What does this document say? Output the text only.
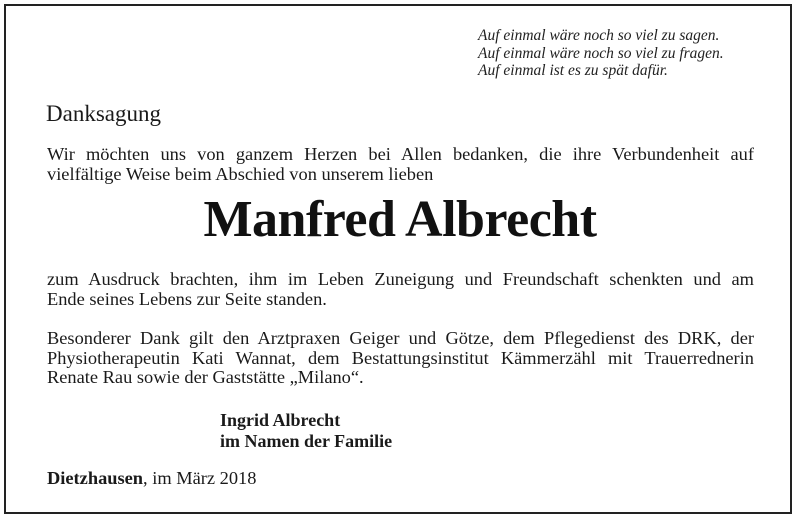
Auf einmal wäre noch so viel zu sagen.
Auf einmal wäre noch so viel zu fragen.
Auf einmal ist es zu spät dafür.
Danksagung

Wir möchten uns von ganzem Herzen bei Allen bedanken, die ihre Verbundenheit auf
vielfältige Weise beim Abschied von unserem lieben

Manfred Albrecht

zum Ausdruck brachten, ihm im Leben Zuneigung und Freundschaft schenkten und am
Ende seines Lebens zur Seite standen.

Besonderer Dank gilt den Arztpraxen Geiger und Götze, dem Pflegedienst des DRK, der
Physiotherapeutin Kati Wannat, dem Bestattungsinstitut Kämmerzähl mit Trauerrednerin
Renate Rau sowie der Gaststätte „Milano“.

Ingrid Albrecht
im Namen der Familie
Dietzhausen, im März 2018
